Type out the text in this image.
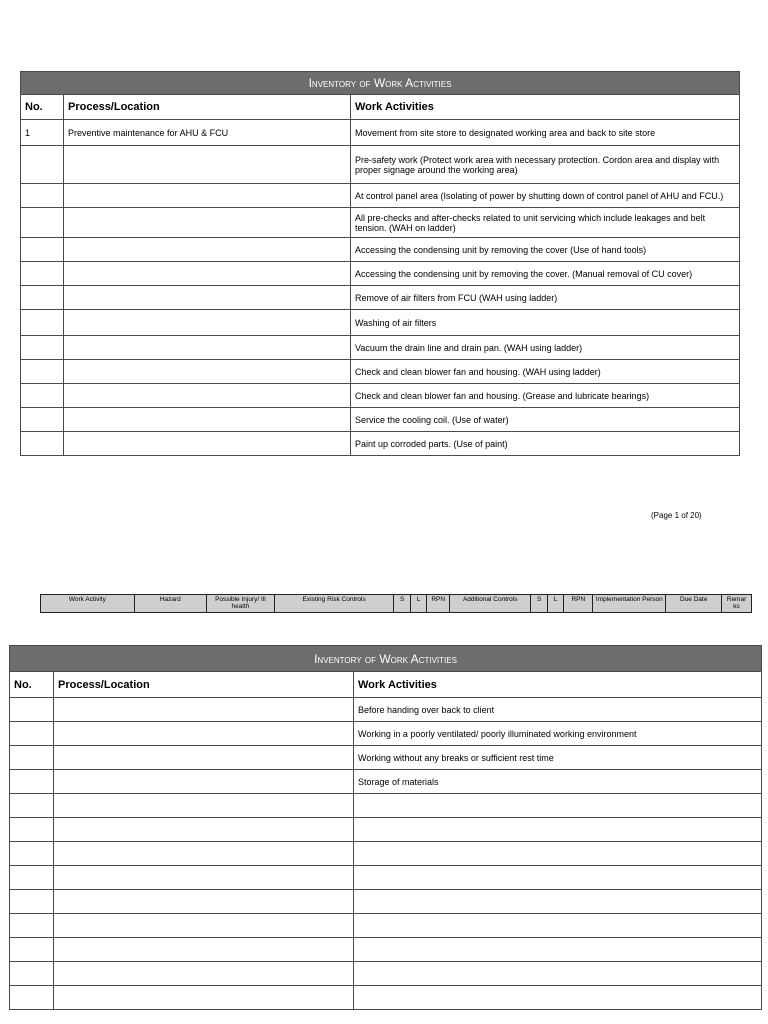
Inventory of Work Activities		
No.	Process/Location	Work Activities
1	Preventive maintenance for AHU & FCU	Movement from site store to designated working area and back to site store
		Pre-safety work (Protect work area with necessary protection. Cordon area and display with proper signage around the working area)
		At control panel area (Isolating of power by shutting down of control panel of AHU and FCU.)
		All pre-checks and after-checks related to unit servicing which include leakages and belt tension. (WAH on ladder)
		Accessing the condensing unit by removing the cover (Use of hand tools)
		Accessing the condensing unit by removing the cover. (Manual removal of CU cover)
		Remove of air filters from FCU (WAH using ladder)
		Washing of air filters
		Vacuum the drain line and drain pan. (WAH using ladder)
		Check and clean blower fan and housing. (WAH using ladder)
		Check and clean blower fan and housing. (Grease and lubricate bearings)
		Service the cooling coil. (Use of water)
		Paint up corroded parts. (Use of paint)
(Page 1 of 20)
Work Activity	Hazard	Possible Injury/ Ill health	Existing Risk Controls	S	L	RPN	Additional Controls	S	L	RPN	Implementation Person	Due Date	Remar ks
Inventory of Work Activities		
No.	Process/Location	Work Activities
		Before handing over back to client
		Working in a poorly ventilated/ poorly illuminated working environment
		Working without any breaks or sufficient rest time
		Storage of materials
